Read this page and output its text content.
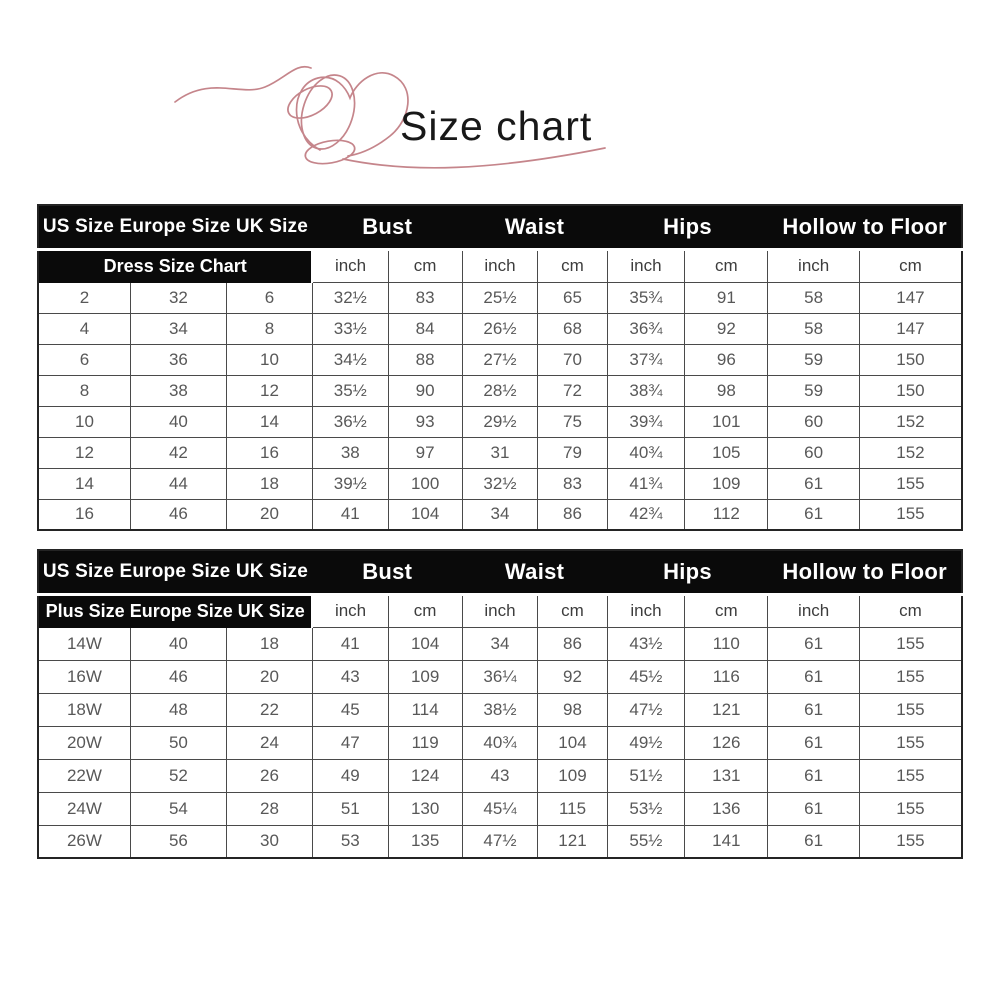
Size chart
US Size Europe Size UK Size			Bust		Waist		Hips		Hollow to Floor	
Dress Size Chart			inch	cm	inch	cm	inch	cm	inch	cm
2	32	6	32½	83	25½	65	35¾	91	58	147
4	34	8	33½	84	26½	68	36¾	92	58	147
6	36	10	34½	88	27½	70	37¾	96	59	150
8	38	12	35½	90	28½	72	38¾	98	59	150
10	40	14	36½	93	29½	75	39¾	101	60	152
12	42	16	38	97	31	79	40¾	105	60	152
14	44	18	39½	100	32½	83	41¾	109	61	155
16	46	20	41	104	34	86	42¾	112	61	155
US Size Europe Size UK Size			Bust		Waist		Hips		Hollow to Floor	
Plus Size Europe Size UK Size			inch	cm	inch	cm	inch	cm	inch	cm
14W	40	18	41	104	34	86	43½	110	61	155
16W	46	20	43	109	36¼	92	45½	116	61	155
18W	48	22	45	114	38½	98	47½	121	61	155
20W	50	24	47	119	40¾	104	49½	126	61	155
22W	52	26	49	124	43	109	51½	131	61	155
24W	54	28	51	130	45¼	115	53½	136	61	155
26W	56	30	53	135	47½	121	55½	141	61	155
